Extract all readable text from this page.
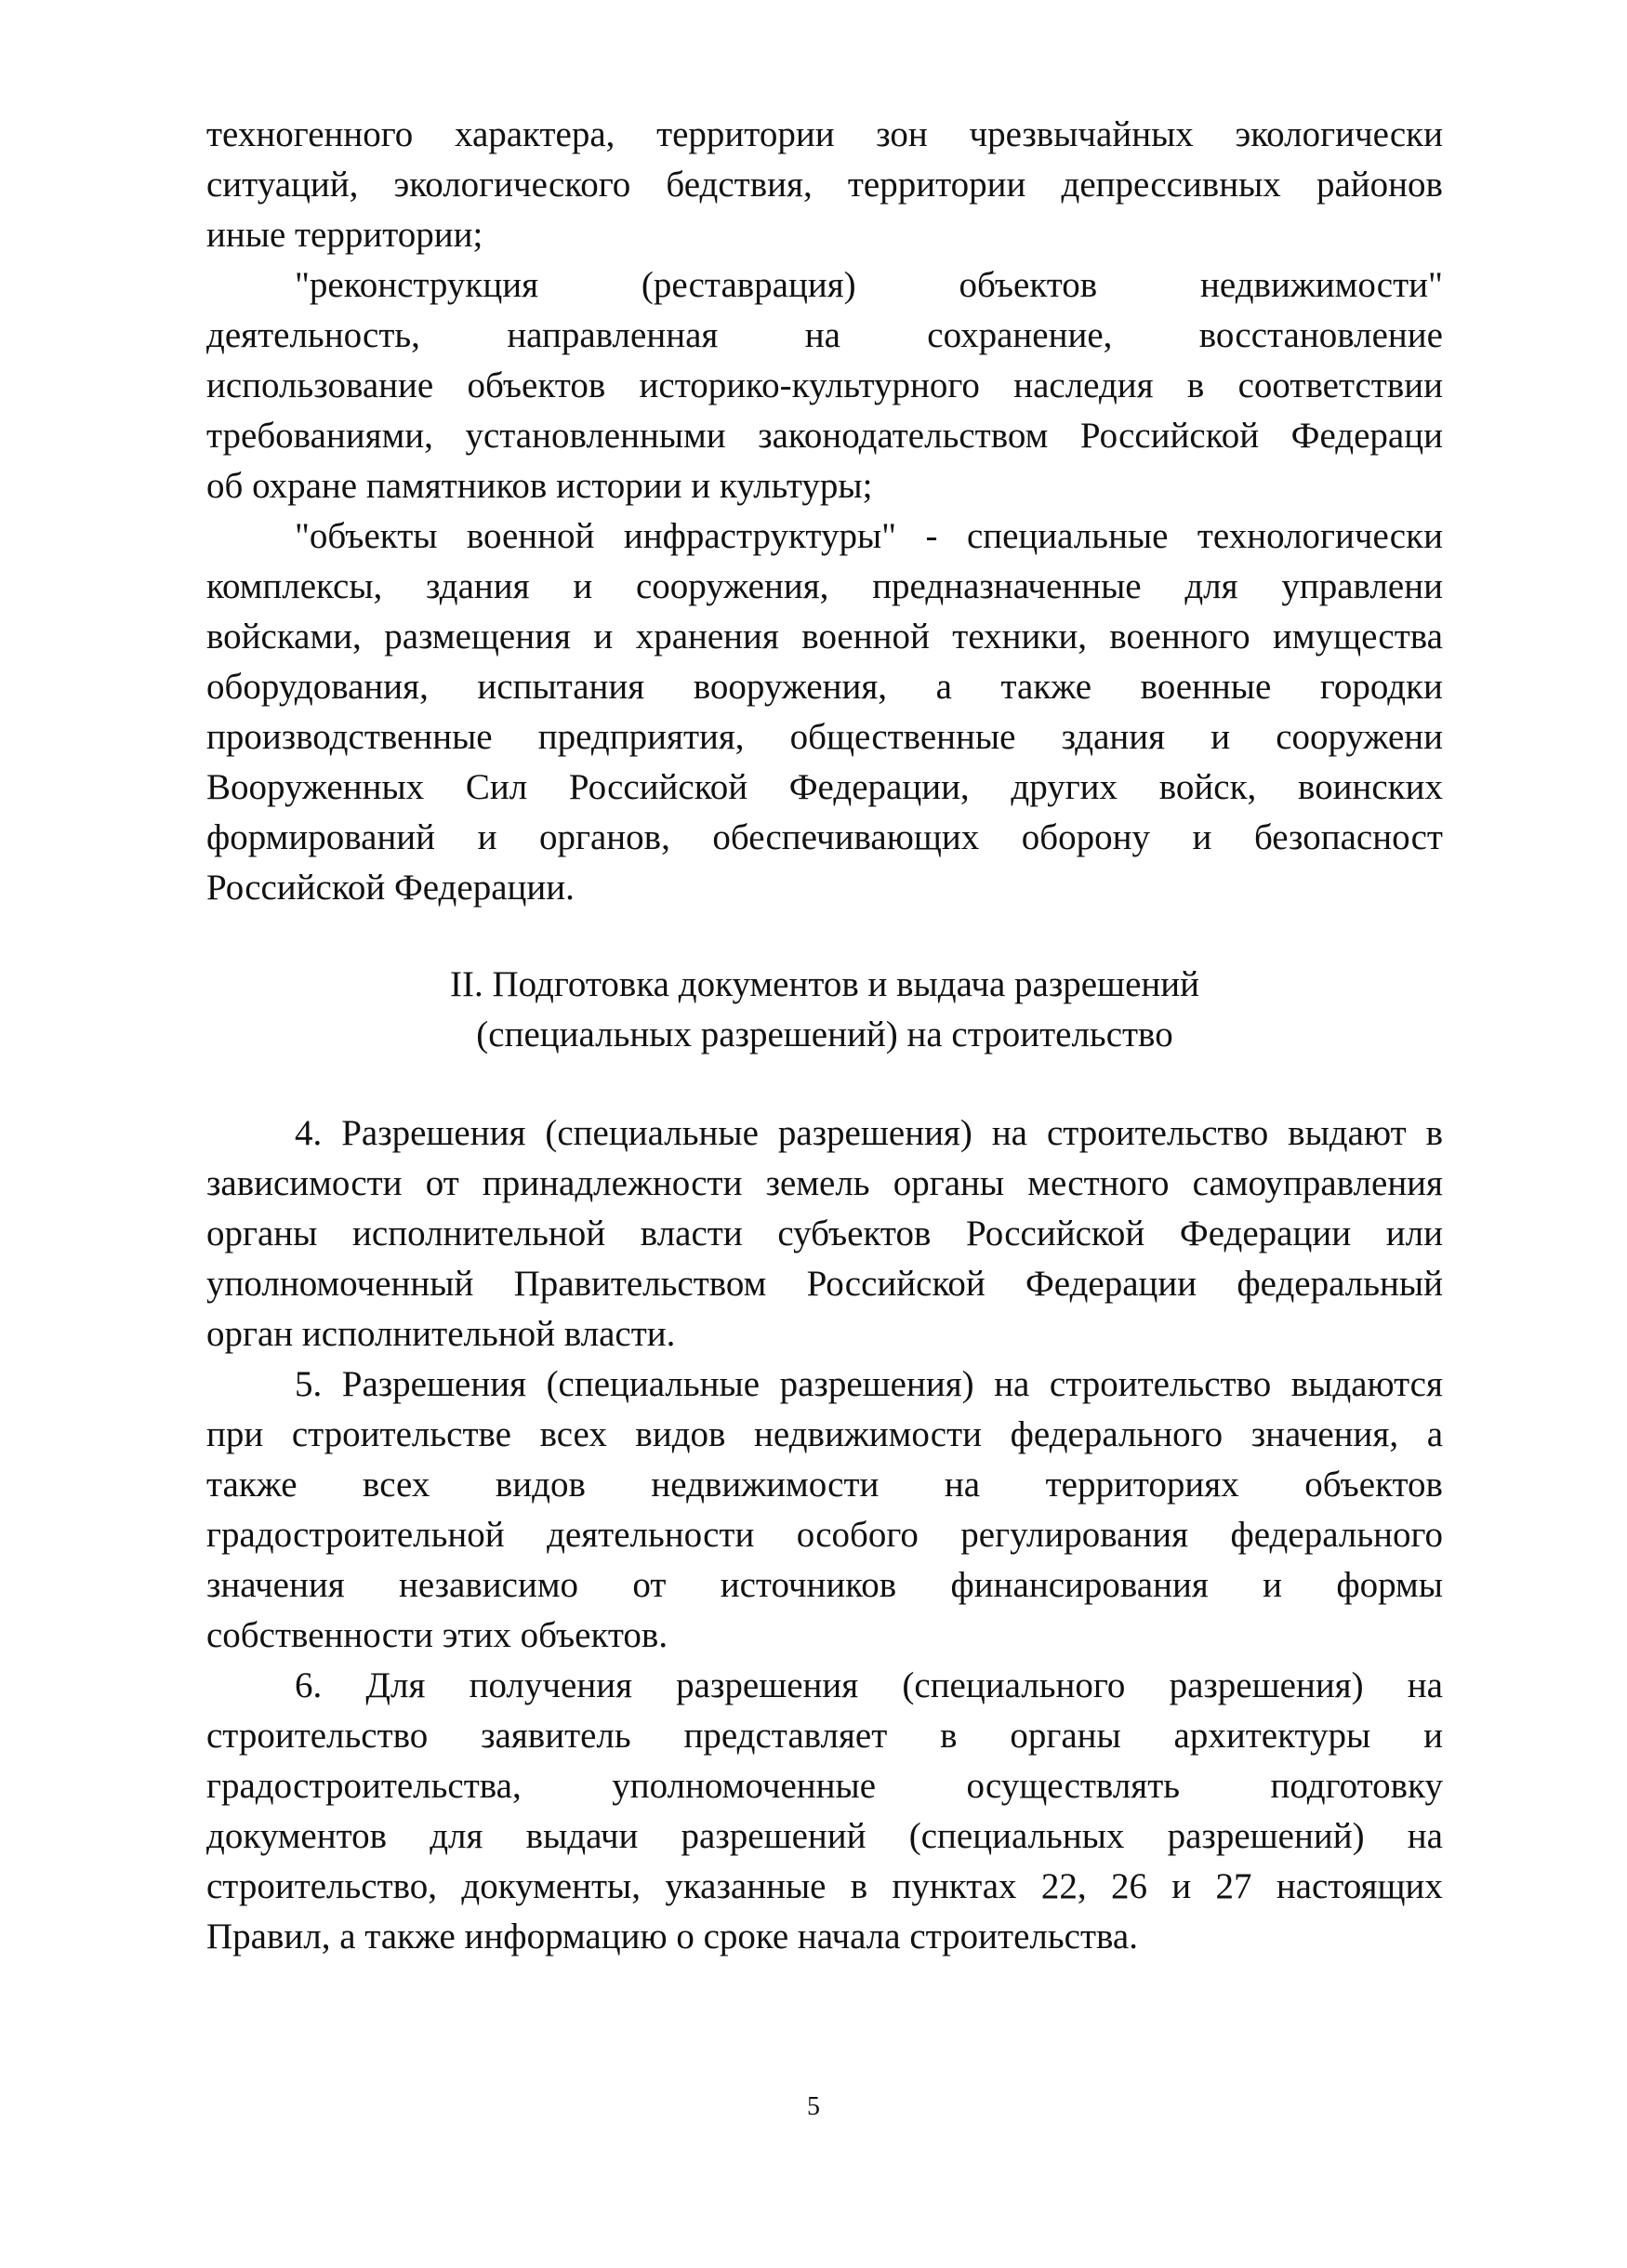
техногенного характера, территории зон чрезвычайных экологически
ситуаций, экологического бедствия, территории депрессивных районов
иные территории;
"реконструкция	(реставрация)	объектов	недвижимости"
деятельность, направленная на сохранение, восстановление
использование объектов историко-культурного наследия в соответствии
требованиями, установленными законодательством Российской Федераци
об охране памятников истории и культуры;
"объекты военной инфраструктуры" - специальные технологически
комплексы, здания и сооружения, предназначенные для управлени
войсками, размещения и хранения военной техники, военного имущества
оборудования, испытания вооружения, а также военные городки
производственные предприятия, общественные здания и сооружени
Вооруженных Сил Российской Федерации, других войск, воинских
формирований и органов, обеспечивающих оборону и безопасност
Российской Федерации.
II. Подготовка документов и выдача разрешений
(специальных разрешений) на строительство
4. Разрешения (специальные разрешения) на строительство выдают в
зависимости от принадлежности земель органы местного самоуправления
органы исполнительной власти субъектов Российской Федерации или
уполномоченный Правительством Российской Федерации федеральный
орган исполнительной власти.
5. Разрешения (специальные разрешения) на строительство выдаются
при строительстве всех видов недвижимости федерального значения, а
также всех видов недвижимости на территориях объектов
градостроительной деятельности особого регулирования федерального
значения независимо от источников финансирования и формы
собственности этих объектов.
6. Для получения разрешения (специального разрешения) на
строительство заявитель представляет в органы архитектуры и
градостроительства, уполномоченные осуществлять подготовку
документов для выдачи разрешений (специальных разрешений) на
строительство, документы, указанные в пунктах 22, 26 и 27 настоящих
Правил, а также информацию о сроке начала строительства.
5
